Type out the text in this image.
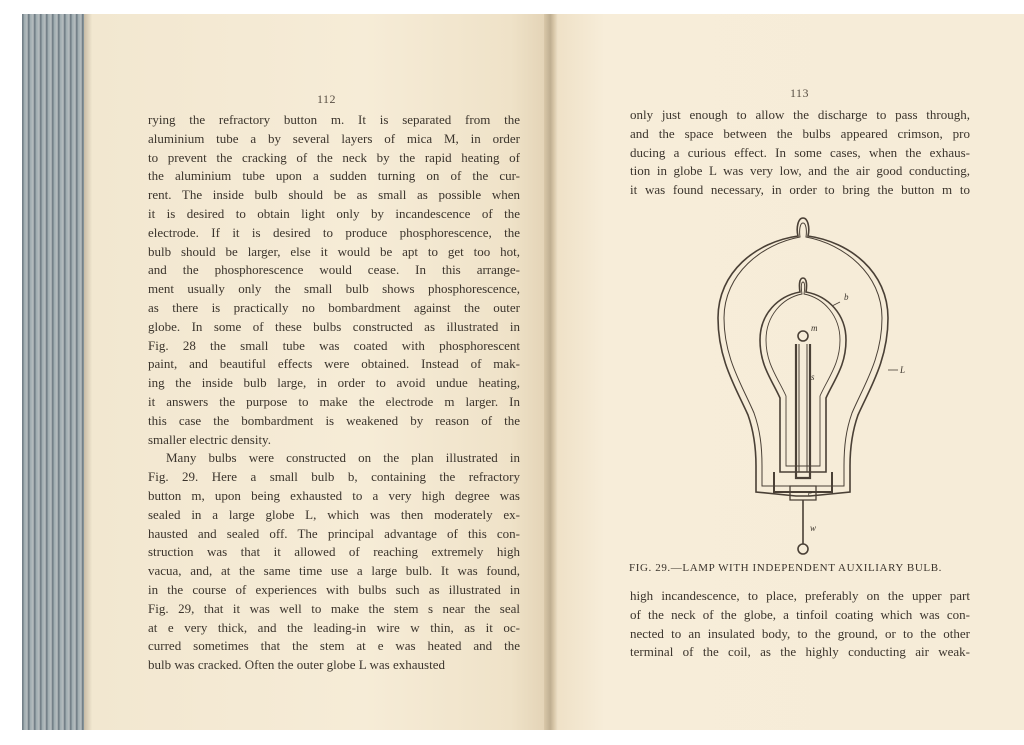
112
rying the refractory button m. It is separated from the
aluminium tube a by several layers of mica M, in order
to prevent the cracking of the neck by the rapid heating of
the aluminium tube upon a sudden turning on of the cur-
rent. The inside bulb should be as small as possible when
it is desired to obtain light only by incandescence of the
electrode. If it is desired to produce phosphorescence, the
bulb should be larger, else it would be apt to get too hot,
and the phosphorescence would cease. In this arrange-
ment usually only the small bulb shows phosphorescence,
as there is practically no bombardment against the outer
globe. In some of these bulbs constructed as illustrated in
Fig. 28 the small tube was coated with phosphorescent
paint, and beautiful effects were obtained. Instead of mak-
ing the inside bulb large, in order to avoid undue heating,
it answers the purpose to make the electrode m larger. In
this case the bombardment is weakened by reason of the
smaller electric density.
Many bulbs were constructed on the plan illustrated in
Fig. 29. Here a small bulb b, containing the refractory
button m, upon being exhausted to a very high degree was
sealed in a large globe L, which was then moderately ex-
hausted and sealed off. The principal advantage of this con-
struction was that it allowed of reaching extremely high
vacua, and, at the same time use a large bulb. It was found,
in the course of experiences with bulbs such as illustrated in
Fig. 29, that it was well to make the stem s near the seal
at e very thick, and the leading-in wire w thin, as it oc-
curred sometimes that the stem at e was heated and the
bulb was cracked. Often the outer globe L was exhausted
113
only just enough to allow the discharge to pass through,
and the space between the bulbs appeared crimson, pro
ducing a curious effect. In some cases, when the exhaus-
tion in globe L was very low, and the air good conducting,
it was found necessary, in order to bring the button m to
b
m
s
L
e
w
FIG. 29.—LAMP WITH INDEPENDENT AUXILIARY BULB.
high incandescence, to place, preferably on the upper part
of the neck of the globe, a tinfoil coating which was con-
nected to an insulated body, to the ground, or to the other
terminal of the coil, as the highly conducting air weak-
